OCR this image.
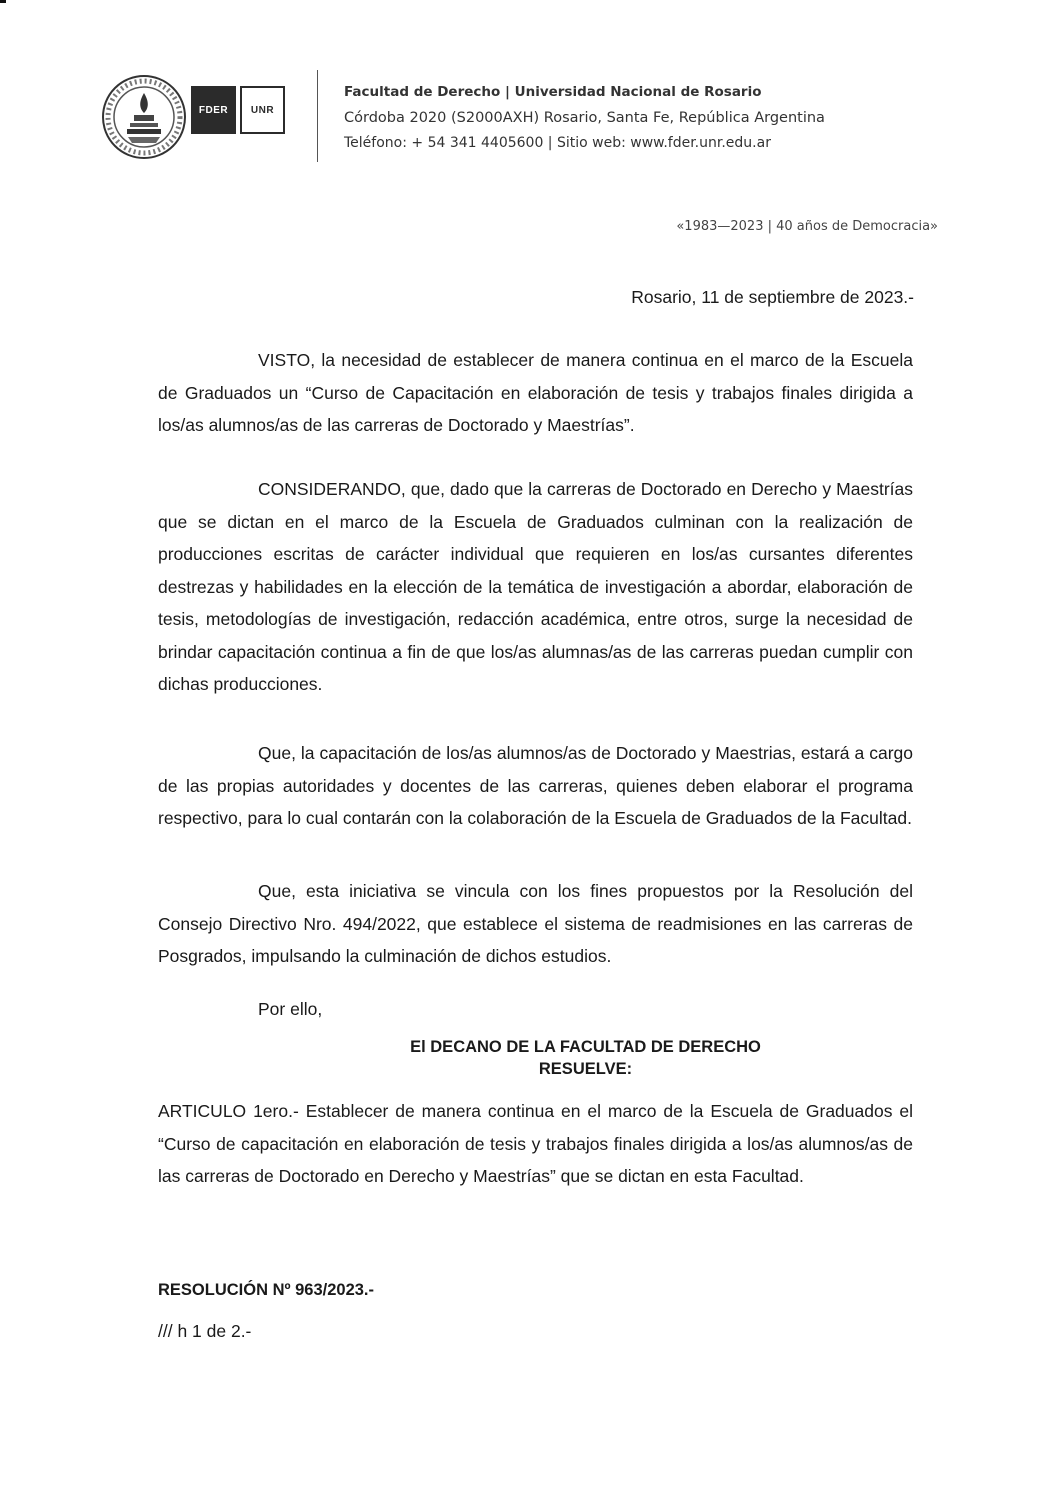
FDER	UNR
Facultad de Derecho | Universidad Nacional de Rosario
Córdoba 2020 (S2000AXH) Rosario, Santa Fe, República Argentina
Teléfono: + 54 341 4405600 | Sitio web: www.fder.unr.edu.ar
«1983—2023 | 40 años de Democracia»
Rosario, 11 de septiembre de 2023.-
VISTO, la necesidad de establecer de manera continua en el marco de la Escuela de Graduados un “Curso de Capacitación en elaboración de tesis y trabajos finales dirigida a los/as alumnos/as de las carreras de Doctorado y Maestrías”.
CONSIDERANDO, que, dado que la carreras de Doctorado en Derecho y Maestrías que se dictan en el marco de la Escuela de Graduados culminan con la realización de producciones escritas de carácter individual que requieren en los/as cursantes diferentes destrezas y habilidades en la elección de la temática de investigación a abordar, elaboración de tesis, metodologías de investigación, redacción académica, entre otros, surge la necesidad de brindar capacitación continua a fin de que los/as alumnas/as de las carreras puedan cumplir con dichas producciones.
Que, la capacitación de los/as alumnos/as de Doctorado y Maestrias, estará a cargo de las propias autoridades y docentes de las carreras, quienes deben elaborar el programa respectivo, para lo cual contarán con la colaboración de la Escuela de Graduados de la Facultad.
Que, esta iniciativa se vincula con los fines propuestos por la Resolución del Consejo Directivo Nro. 494/2022, que establece el sistema de readmisiones en las carreras de Posgrados, impulsando la culminación de dichos estudios.
Por ello,
El DECANO DE LA FACULTAD DE DERECHO
RESUELVE:
ARTICULO 1ero.- Establecer de manera continua en el marco de la Escuela de Graduados el “Curso de capacitación en elaboración de tesis y trabajos finales dirigida a los/as alumnos/as de las carreras de Doctorado en Derecho y Maestrías” que se dictan en esta Facultad.
RESOLUCIÓN Nº 963/2023.-
/// h 1 de 2.-
